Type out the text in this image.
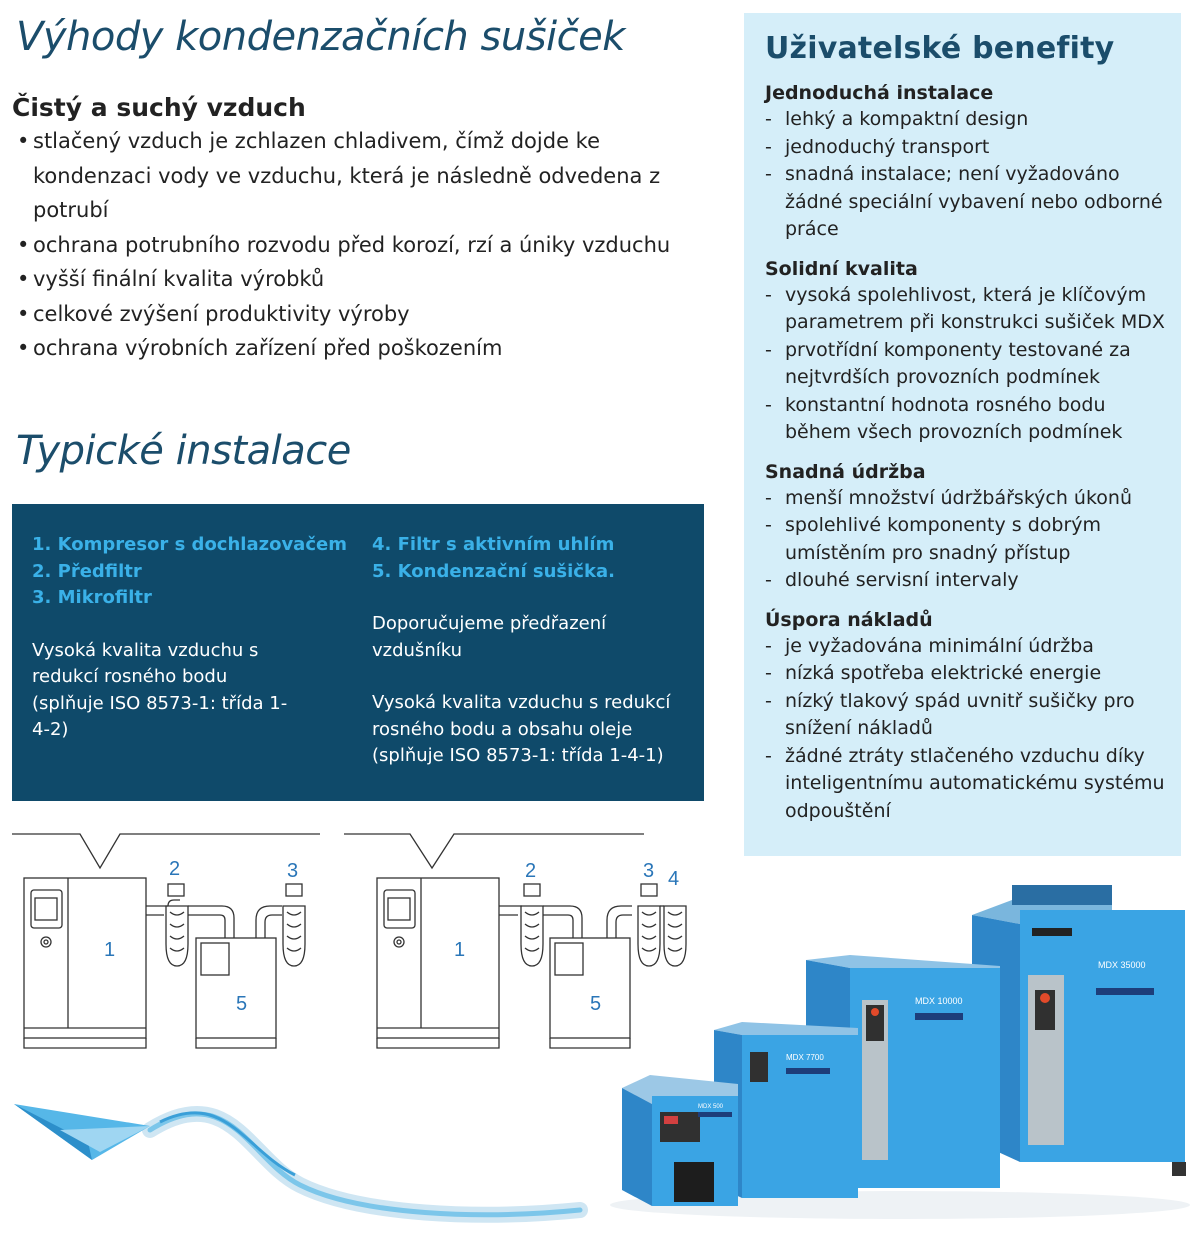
Výhody kondenzačních sušiček
Čistý a suchý vzduch
• stlačený vzduch je zchlazen chladivem, čímž dojde ke kondenzaci vody ve vzduchu, která je následně odvedena z potrubí
• ochrana potrubního rozvodu před korozí, rzí a úniky vzduchu
• vyšší finální kvalita výrobků
• celkové zvýšení produktivity výroby
• ochrana výrobních zařízení před poškozením
Typické instalace
1. Kompresor s dochlazovačem
2. Předfiltr
3. Mikrofiltr
Vysoká kvalita vzduchu s redukcí rosného bodu (splňuje ISO 8573-1: třída 1-4-2)
4. Filtr s aktivním uhlím
5. Kondenzační sušička.
Doporučujeme předřazení vzdušníku
Vysoká kvalita vzduchu s redukcí rosného bodu a obsahu oleje (splňuje ISO 8573-1: třída 1-4-1)
Uživatelské benefity
Jednoduchá instalace
- lehký a kompaktní design
- jednoduchý transport
- snadná instalace; není vyžadováno žádné speciální vybavení nebo odborné práce
Solidní kvalita
- vysoká spolehlivost, která je klíčovým parametrem při konstrukci sušiček MDX
- prvotřídní komponenty testované za nejtvrdších provozních podmínek
- konstantní hodnota rosného bodu během všech provozních podmínek
Snadná údržba
- menší množství údržbářských úkonů
- spolehlivé komponenty s dobrým umístěním pro snadný přístup
- dlouhé servisní intervaly
Úspora nákladů
- je vyžadována minimální údržba
- nízká spotřeba elektrické energie
- nízký tlakový spád uvnitř sušičky pro snížení nákladů
- žádné ztráty stlačeného vzduchu díky inteligentnímu automatickému systému odpouštění
1
2	3
5
1
2	3 4
5
MDX 35000
MDX 10000
MDX 7700
MDX 500
